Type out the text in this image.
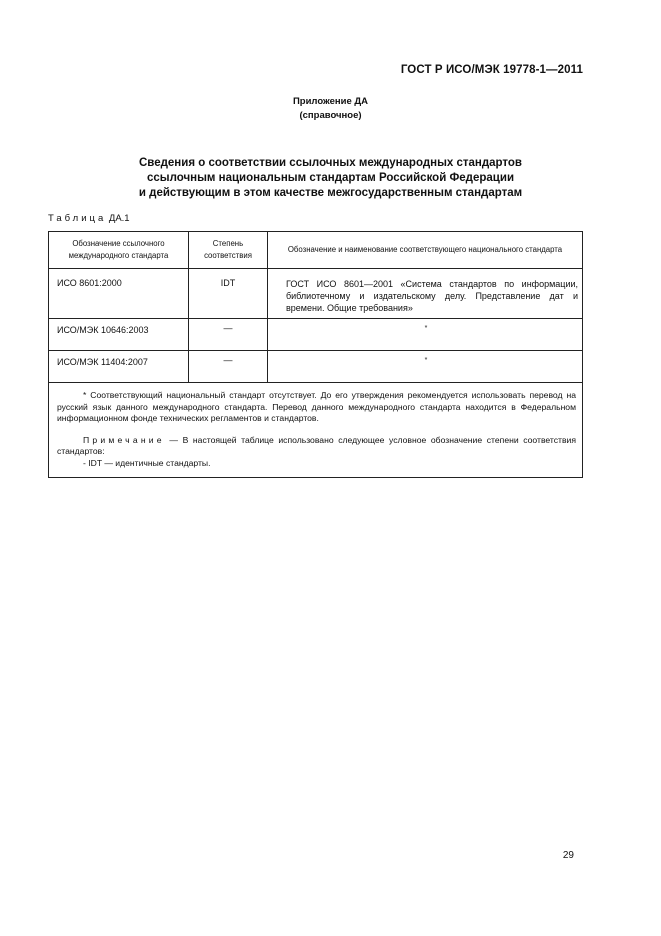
ГОСТ Р ИСО/МЭК 19778-1—2011
Приложение ДА
(справочное)
Сведения о соответствии ссылочных международных стандартов
ссылочным национальным стандартам Российской Федерации
и действующим в этом качестве межгосударственным стандартам
Таблица ДА.1
Обозначение ссылочного международного стандарта	Степень соответствия	Обозначение и наименование соответствующего национального стандарта
ИСО 8601:2000	IDT	ГОСТ ИСО 8601—2001 «Система стандартов по информации, библиотечному и издательскому делу. Представление дат и времени. Общие требования»

ИСО/МЭК 10646:2003	—	*
ИСО/МЭК 11404:2007	—	*

* Соответствующий национальный стандарт отсутствует. До его утверждения рекомендуется использовать перевод на русский язык данного международного стандарта. Перевод данного международного стандарта находится в Федеральном информационном фонде технических регламентов и стандартов.
Примечание — В настоящей таблице использовано следующее условное обозначение степени соответствия стандартов:
- IDT — идентичные стандарты.		
29
